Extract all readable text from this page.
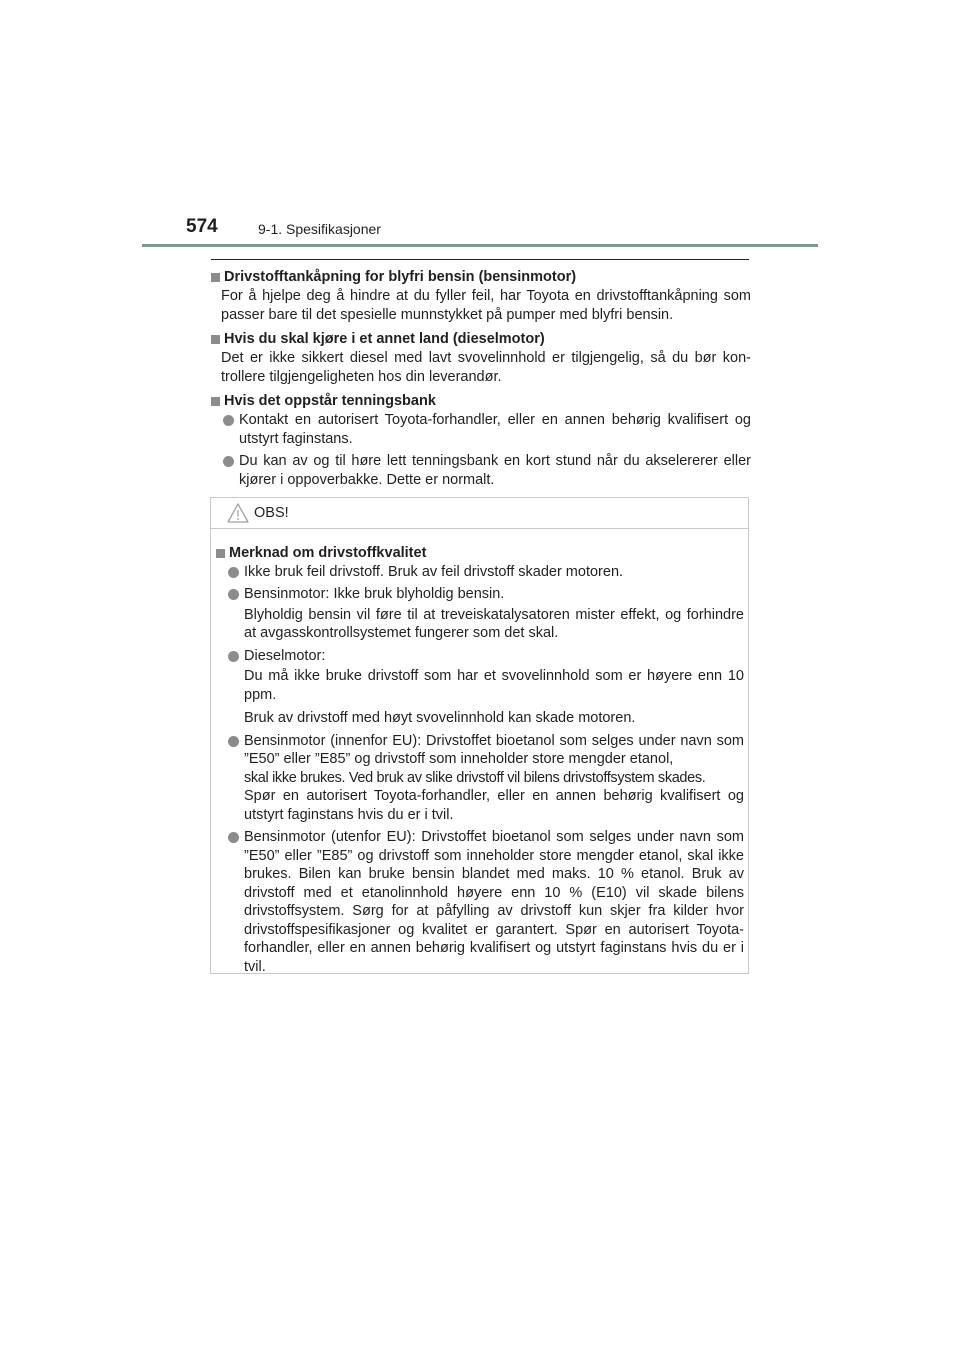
574	9-1. Spesifikasjoner
Drivstofftankåpning for blyfri bensin (bensinmotor)
For å hjelpe deg å hindre at du fyller feil, har Toyota en drivstofftankåpning som passer bare til det spesielle munnstykket på pumper med blyfri bensin.
Hvis du skal kjøre i et annet land (dieselmotor)
Det er ikke sikkert diesel med lavt svovelinnhold er tilgjengelig, så du bør kon-trollere tilgjengeligheten hos din leverandør.
Hvis det oppstår tenningsbank
Kontakt en autorisert Toyota-forhandler, eller en annen behørig kvalifisert og utstyrt faginstans.
Du kan av og til høre lett tenningsbank en kort stund når du akselererer eller kjører i oppoverbakke. Dette er normalt.
OBS!
Merknad om drivstoffkvalitet
Ikke bruk feil drivstoff. Bruk av feil drivstoff skader motoren.
Bensinmotor: Ikke bruk blyholdig bensin.
Blyholdig bensin vil føre til at treveiskatalysatoren mister effekt, og forhindre at avgasskontrollsystemet fungerer som det skal.
Dieselmotor:
Du må ikke bruke drivstoff som har et svovelinnhold som er høyere enn 10 ppm.
Bruk av drivstoff med høyt svovelinnhold kan skade motoren.
Bensinmotor (innenfor EU): Drivstoffet bioetanol som selges under navn som ”E50” eller ”E85” og drivstoff som inneholder store mengder etanol,
skal ikke brukes. Ved bruk av slike drivstoff vil bilens drivstoffsystem skades.
Spør en autorisert Toyota-forhandler, eller en annen behørig kvalifisert og utstyrt faginstans hvis du er i tvil.
Bensinmotor (utenfor EU): Drivstoffet bioetanol som selges under navn som ”E50” eller ”E85” og drivstoff som inneholder store mengder etanol, skal ikke brukes. Bilen kan bruke bensin blandet med maks. 10 % etanol. Bruk av drivstoff med et etanolinnhold høyere enn 10 % (E10) vil skade bilens drivstoffsystem. Sørg for at påfylling av drivstoff kun skjer fra kilder hvor drivstoffspesifikasjoner og kvalitet er garantert. Spør en autorisert Toyota-forhandler, eller en annen behørig kvalifisert og utstyrt faginstans hvis du er i tvil.
